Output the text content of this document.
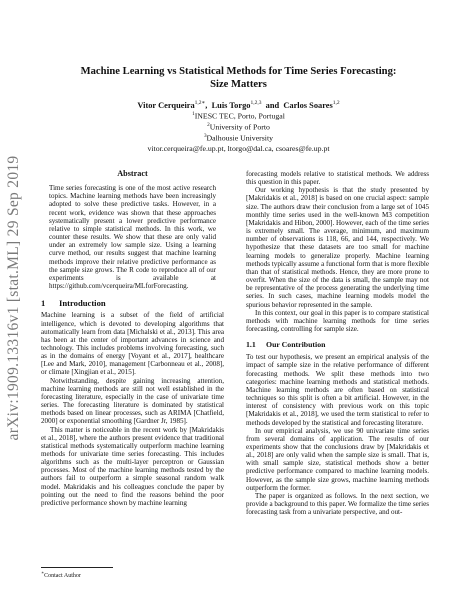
arXiv:1909.13316v1 [stat.ML] 29 Sep 2019
Machine Learning vs Statistical Methods for Time Series Forecasting:
Size Matters
Vitor Cerqueira$^{1,2∗}$, Luis Torgo$^{1,2,3}$ and Carlos Soares$^{1,2}$
$^1$INESC TEC, Porto, Portugal
$^2$University of Porto
$^3$Dalhousie University
vitor.cerqueira@fe.up.pt, ltorgo@dal.ca, csoares@fe.up.pt
Abstract

Time series forecasting is one of the most active research topics. Machine learning methods have been increasingly adopted to solve these predictive tasks. However, in a recent work, evidence was shown that these approaches systematically present a lower predictive performance relative to simple statistical methods. In this work, we counter these results. We show that these are only valid under an extremely low sample size. Using a learning curve method, our results suggest that machine learning methods improve their relative predictive performance as the sample size grows. The R code to reproduce all of our experiments is available at https://github.com/vcerqueira/MLforForecasting.

1 Introduction

Machine learning is a subset of the field of artificial intelligence, which is devoted to developing algorithms that automatically learn from data [Michalski et al., 2013]. This area has been at the center of important advances in science and technology. This includes problems involving forecasting, such as in the domains of energy [Voyant et al., 2017], healthcare [Lee and Mark, 2010], management [Carbonneau et al., 2008], or climate [Xingjian et al., 2015].

Notwithstanding, despite gaining increasing attention, machine learning methods are still not well established in the forecasting literature, especially in the case of univariate time series. The forecasting literature is dominated by statistical methods based on linear processes, such as ARIMA [Chatfield, 2000] or exponential smoothing [Gardner Jr, 1985].

This matter is noticeable in the recent work by [Makridakis et al., 2018], where the authors present evidence that traditional statistical methods systematically outperform machine learning methods for univariate time series forecasting. This includes algorithms such as the multi-layer perceptron or Gaussian processes. Most of the machine learning methods tested by the authors fail to outperform a simple seasonal random walk model. Makridakis and his colleagues conclude the paper by pointing out the need to find the reasons behind the poor predictive performance shown by machine learning

forecasting models relative to statistical methods. We address this question in this paper.

Our working hypothesis is that the study presented by [Makridakis et al., 2018] is based on one crucial aspect: sample size. The authors draw their conclusion from a large set of 1045 monthly time series used in the well-known M3 competition [Makridakis and Hibon, 2000]. However, each of the time series is extremely small. The average, minimum, and maximum number of observations is 118, 66, and 144, respectively. We hypothesize that these datasets are too small for machine learning models to generalize properly. Machine learning methods typically assume a functional form that is more flexible than that of statistical methods. Hence, they are more prone to overfit. When the size of the data is small, the sample may not be representative of the process generating the underlying time series. In such cases, machine learning models model the spurious behavior represented in the sample.

In this context, our goal in this paper is to compare statistical methods with machine learning methods for time series forecasting, controlling for sample size.

1.1 Our Contribution

To test our hypothesis, we present an empirical analysis of the impact of sample size in the relative performance of different forecasting methods. We split these methods into two categories: machine learning methods and statistical methods. Machine learning methods are often based on statistical techniques so this split is often a bit artificial. However, in the interest of consistency with previous work on this topic [Makridakis et al., 2018], we used the term statistical to refer to methods developed by the statistical and forecasting literature.

In our empirical analysis, we use 90 univariate time series from several domains of application. The results of our experiments show that the conclusions draw by [Makridakis et al., 2018] are only valid when the sample size is small. That is, with small sample size, statistical methods show a better predictive performance compared to machine learning models. However, as the sample size grows, machine learning methods outperform the former.

The paper is organized as follows. In the next section, we provide a background to this paper. We formalize the time series forecasting task from a univariate perspective, and out-

∗Contact Author
